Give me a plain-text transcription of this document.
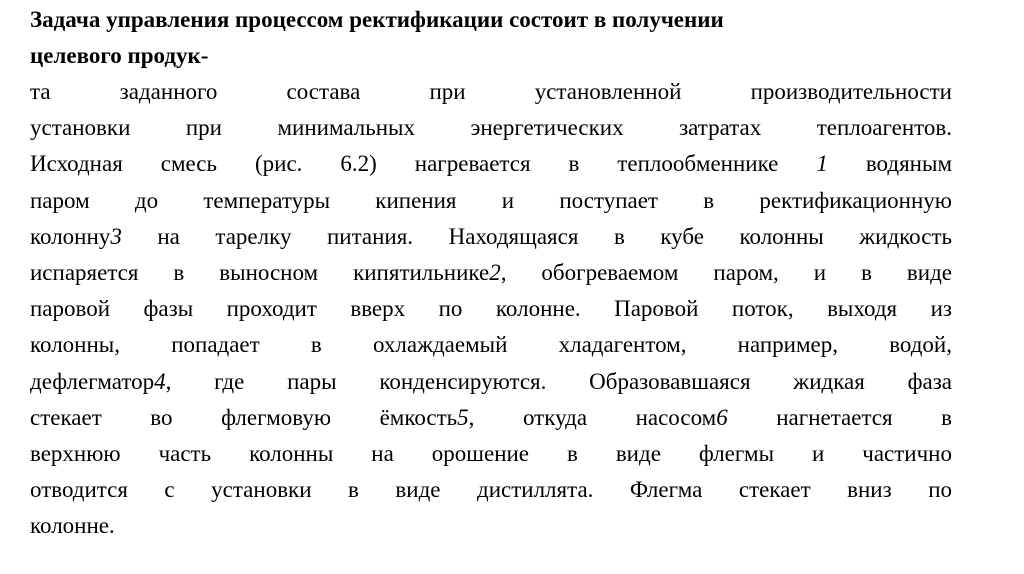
Задача управления процессом ректификации состоит в получении
целевого продук-
та заданного состава при установленной производительности
установки при минимальных энергетических затратах теплоагентов.
Исходная смесь (рис. 6.2) нагревается в теплообменнике 1 водяным
паром до температуры кипения и поступает в ректификационную
колонну3 на тарелку питания. Находящаяся в кубе колонны жидкость
испаряется в выносном кипятильнике2, обогреваемом паром, и в виде
паровой фазы проходит вверх по колонне. Паровой поток, выходя из
колонны, попадает в охлаждаемый хладагентом, например, водой,
дефлегматор4, где пары конденсируются. Образовавшаяся жидкая фаза
стекает во флегмовую ёмкость5, откуда насосом6 нагнетается в
верхнюю часть колонны на орошение в виде флегмы и частично
отводится с установки в виде дистиллята. Флегма стекает вниз по
колонне.
